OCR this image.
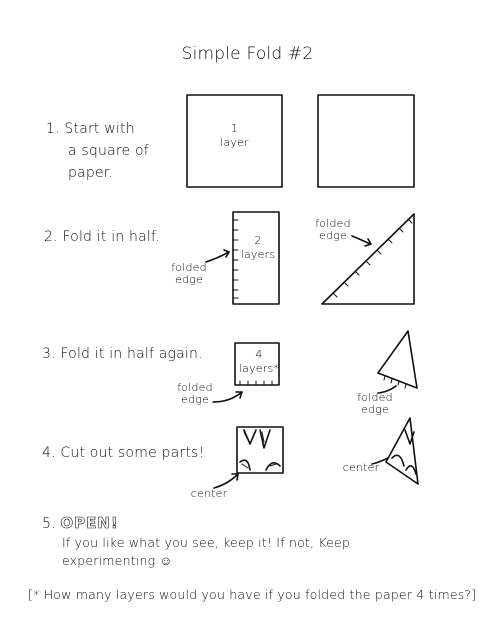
Simple Fold #2
1. Start with
a square of
paper.
1
layer
2. Fold it in half.	2
layers
folded
edge
folded
edge
3. Fold it in half again.	4
layers*
folded
edge	folded
edge
4. Cut out some parts!
center
center
5. OPEN!
If you like what you see, keep it! If not, Keep
experimenting ☺
[* How many layers would you have if you folded the paper 4 times?]
